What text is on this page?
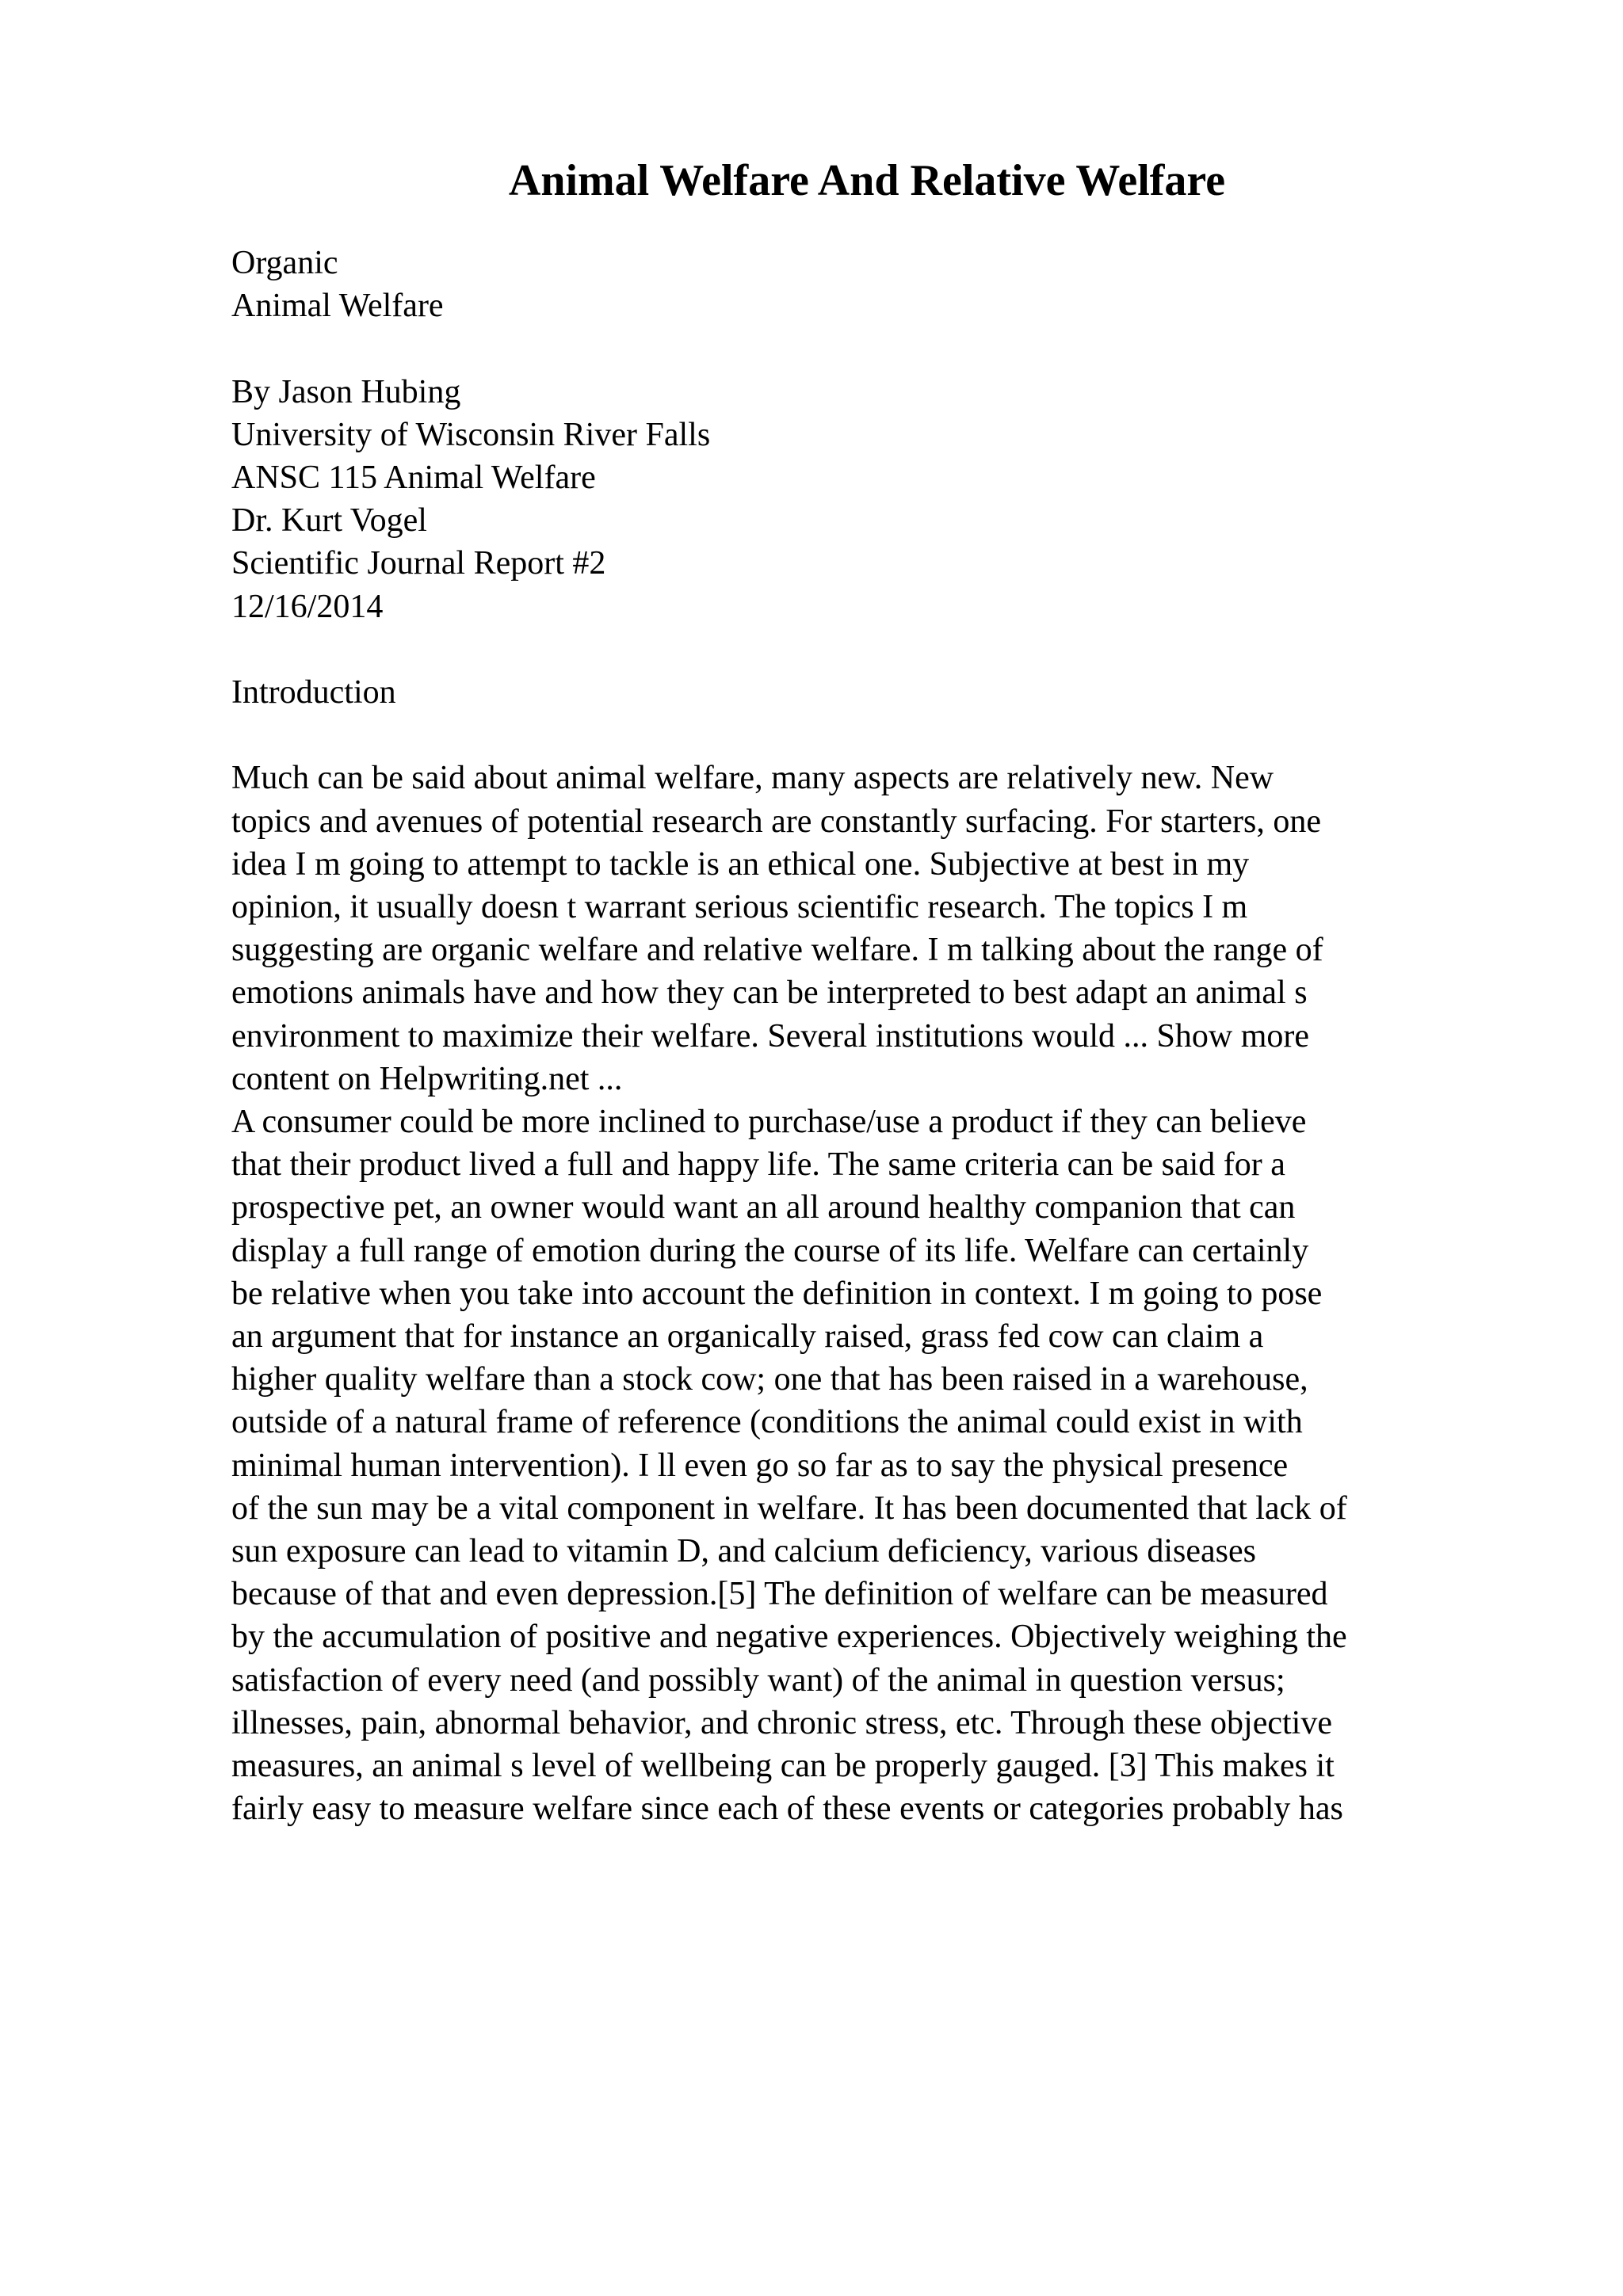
Animal Welfare And Relative Welfare
Organic
Animal Welfare
By Jason Hubing
University of Wisconsin River Falls
ANSC 115 Animal Welfare
Dr. Kurt Vogel
Scientific Journal Report #2
12/16/2014
Introduction
Much can be said about animal welfare, many aspects are relatively new. New
topics and avenues of potential research are constantly surfacing. For starters, one
idea I m going to attempt to tackle is an ethical one. Subjective at best in my
opinion, it usually doesn t warrant serious scientific research. The topics I m
suggesting are organic welfare and relative welfare. I m talking about the range of
emotions animals have and how they can be interpreted to best adapt an animal s
environment to maximize their welfare. Several institutions would ... Show more
content on Helpwriting.net ...
A consumer could be more inclined to purchase/use a product if they can believe
that their product lived a full and happy life. The same criteria can be said for a
prospective pet, an owner would want an all around healthy companion that can
display a full range of emotion during the course of its life. Welfare can certainly
be relative when you take into account the definition in context. I m going to pose
an argument that for instance an organically raised, grass fed cow can claim a
higher quality welfare than a stock cow; one that has been raised in a warehouse,
outside of a natural frame of reference (conditions the animal could exist in with
minimal human intervention). I ll even go so far as to say the physical presence
of the sun may be a vital component in welfare. It has been documented that lack of
sun exposure can lead to vitamin D, and calcium deficiency, various diseases
because of that and even depression.[5] The definition of welfare can be measured
by the accumulation of positive and negative experiences. Objectively weighing the
satisfaction of every need (and possibly want) of the animal in question versus;
illnesses, pain, abnormal behavior, and chronic stress, etc. Through these objective
measures, an animal s level of wellbeing can be properly gauged. [3] This makes it
fairly easy to measure welfare since each of these events or categories probably has
